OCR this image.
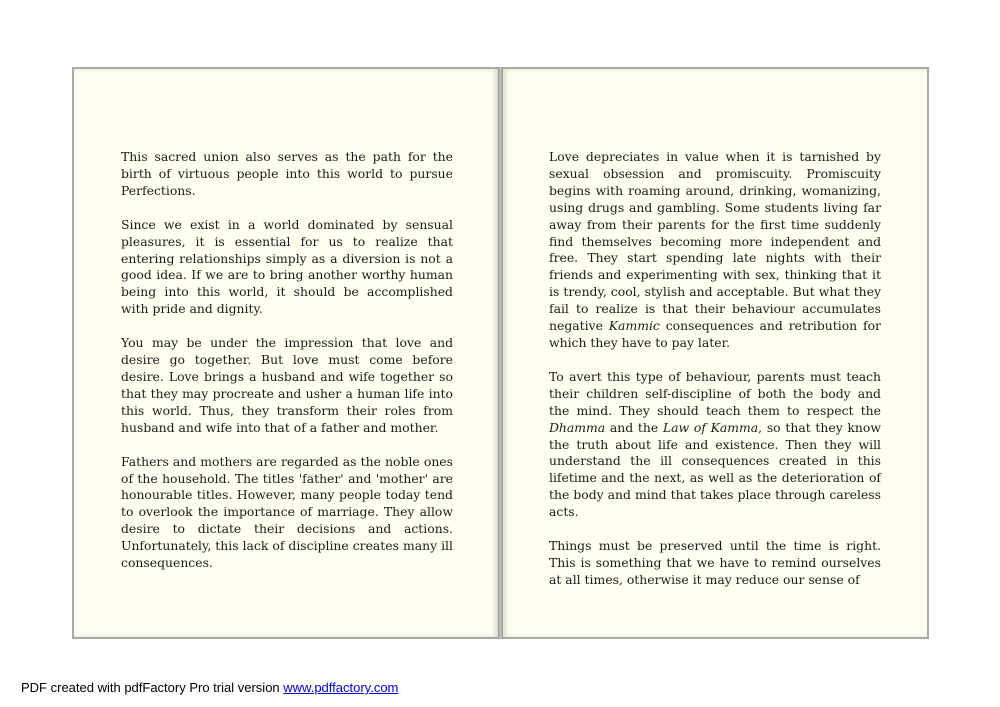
This sacred union also serves as the path for the birth of virtuous people into this world to pursue Perfections.

Since we exist in a world dominated by sensual pleasures, it is essential for us to realize that entering relationships simply as a diversion is not a good idea. If we are to bring another worthy human being into this world, it should be accomplished with pride and dignity.

You may be under the impression that love and desire go together. But love must come before desire. Love brings a husband and wife together so that they may procreate and usher a human life into this world. Thus, they transform their roles from husband and wife into that of a father and mother.

Fathers and mothers are regarded as the noble ones of the household. The titles 'father' and 'mother' are honourable titles. However, many people today tend to overlook the importance of marriage. They allow desire to dictate their decisions and actions. Unfortunately, this lack of discipline creates many ill consequences.

Love depreciates in value when it is tarnished by sexual obsession and promiscuity. Promiscuity begins with roaming around, drinking, womanizing, using drugs and gambling. Some students living far away from their parents for the first time suddenly find themselves becoming more independent and free. They start spending late nights with their friends and experimenting with sex, thinking that it is trendy, cool, stylish and acceptable. But what they fail to realize is that their behaviour accumulates negative Kammic consequences and retribution for which they have to pay later.

To avert this type of behaviour, parents must teach their children self-discipline of both the body and the mind. They should teach them to respect the Dhamma and the Law of Kamma, so that they know the truth about life and existence. Then they will understand the ill consequences created in this lifetime and the next, as well as the deterioration of the body and mind that takes place through careless acts.

Things must be preserved until the time is right. This is something that we have to remind ourselves at all times, otherwise it may reduce our sense of

PDF created with pdfFactory Pro trial version www.pdffactory.com
